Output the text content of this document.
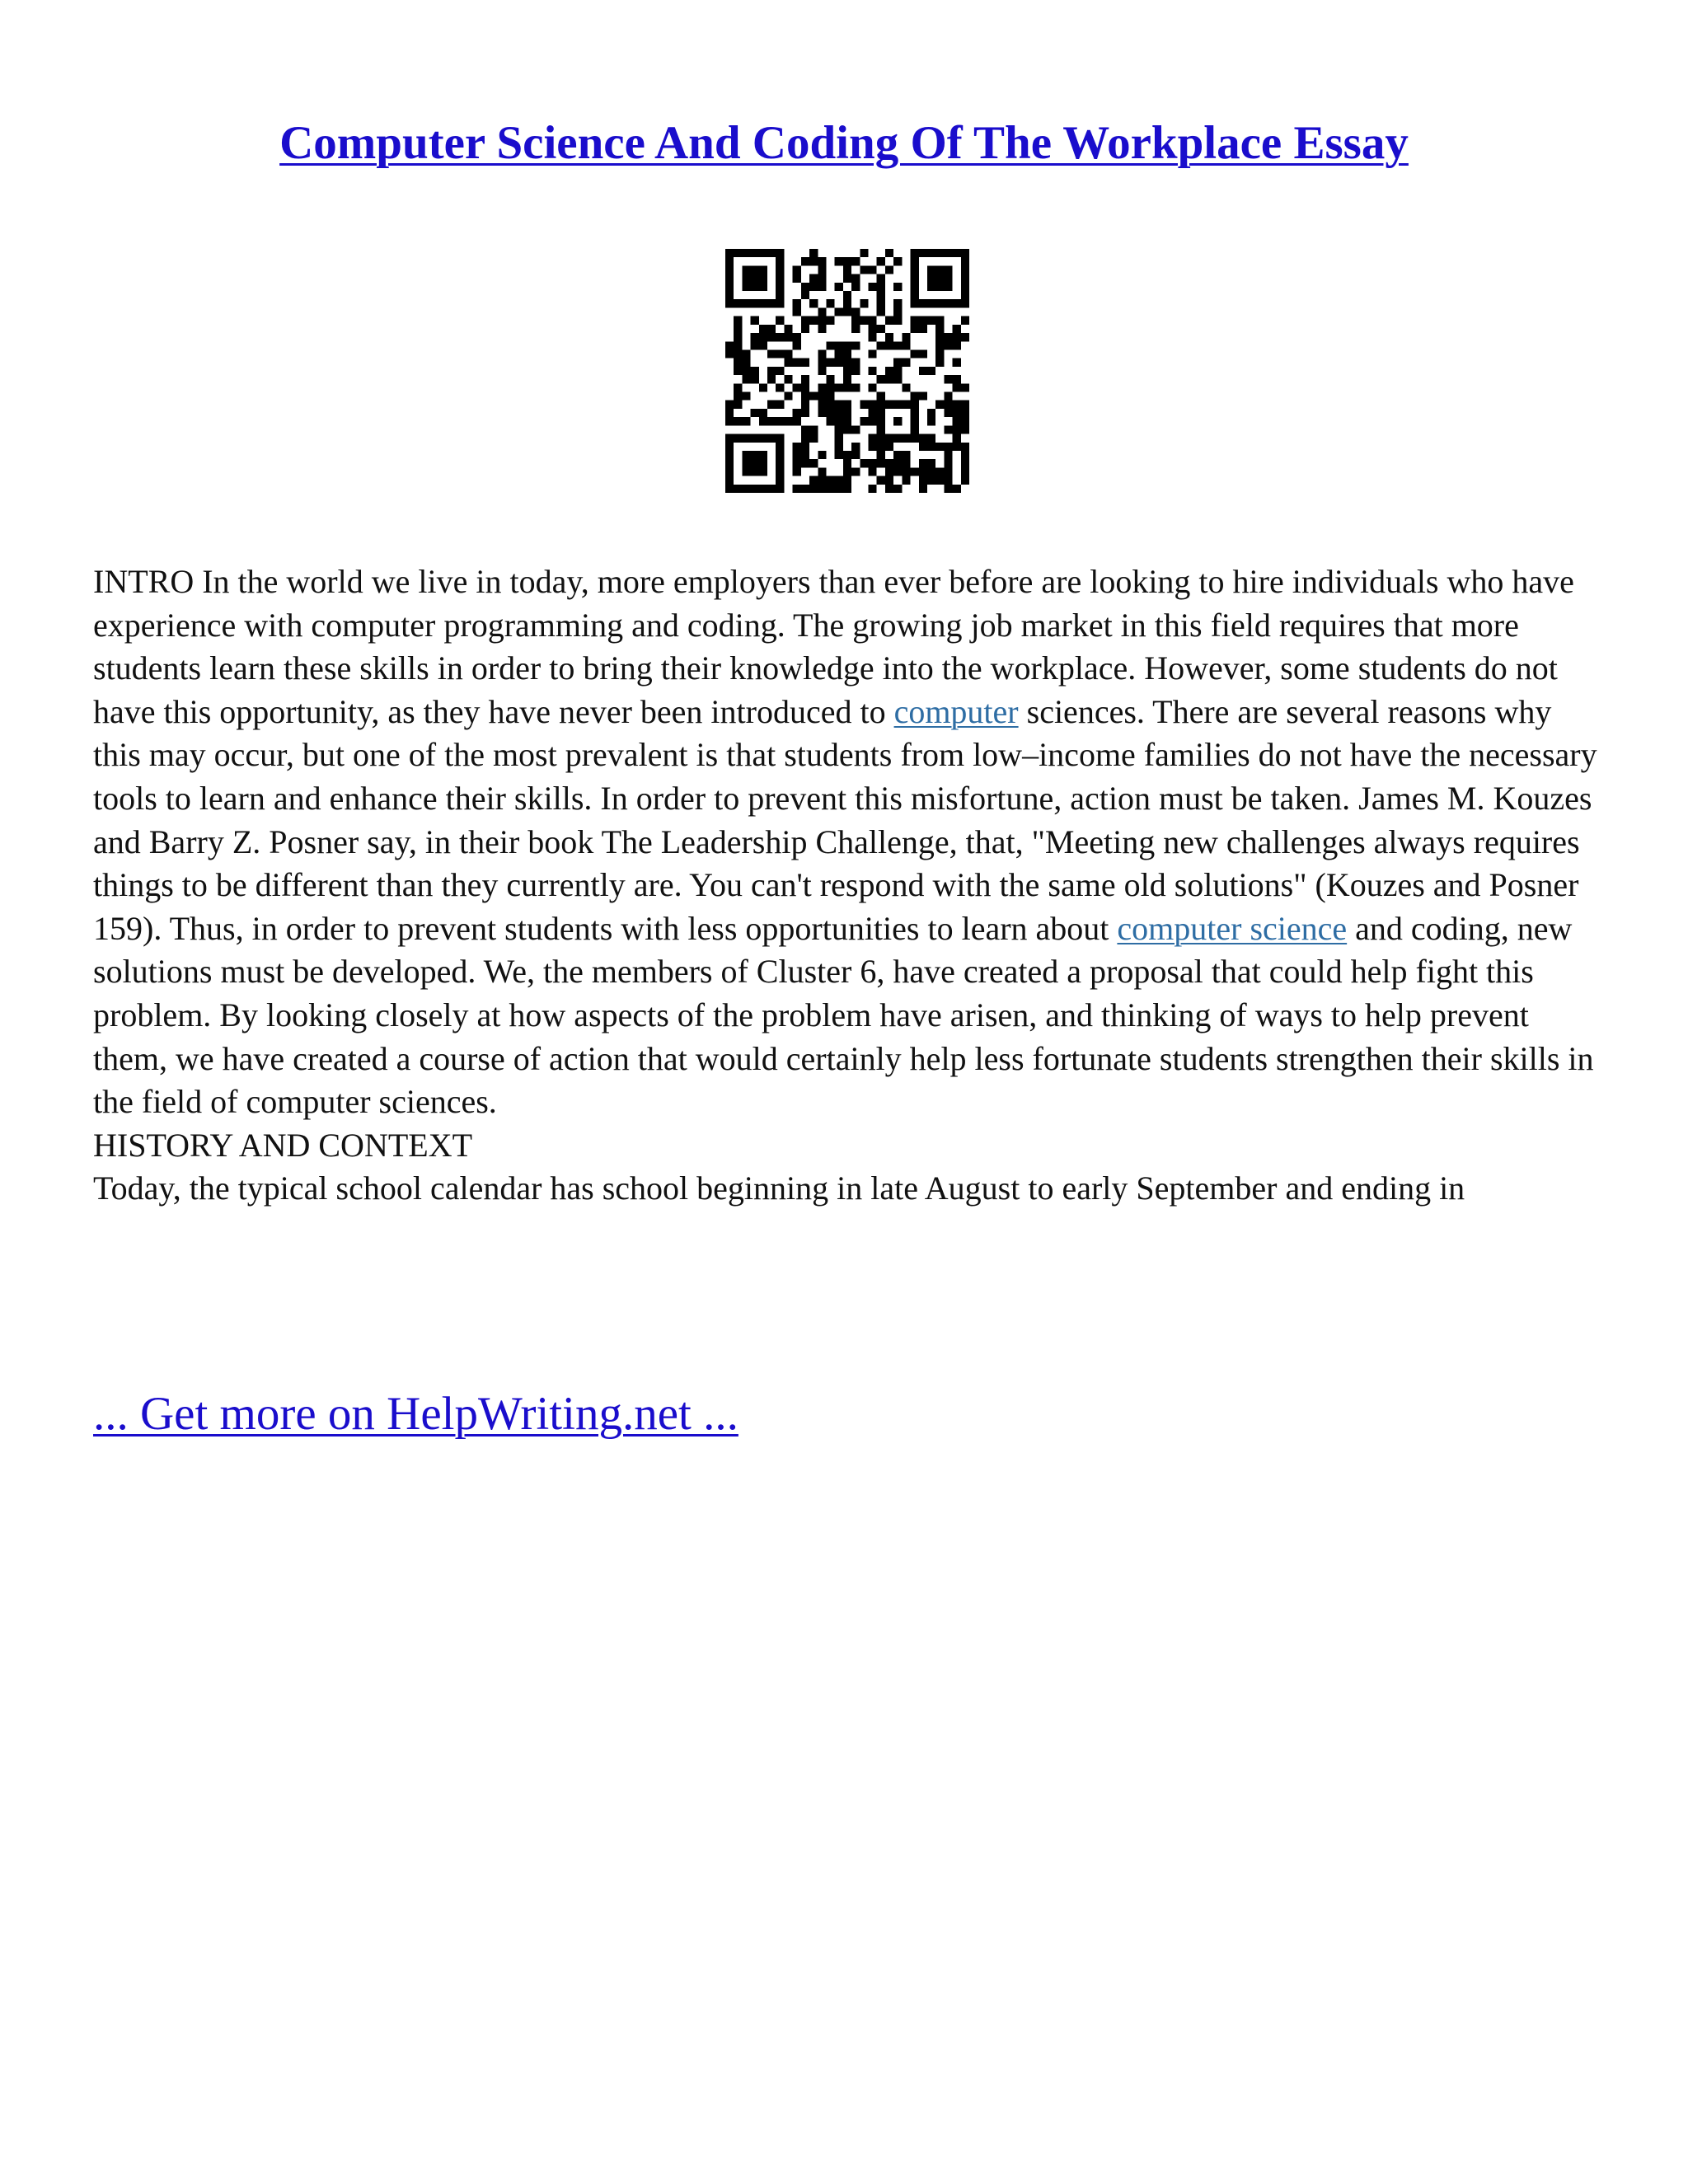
Computer Science And Coding Of The Workplace Essay

INTRO In the world we live in today, more employers than ever before are looking to hire individuals who have experience with computer programming and coding. The growing job market in this field requires that more students learn these skills in order to bring their knowledge into the workplace. However, some students do not have this opportunity, as they have never been introduced to computer sciences. There are several reasons why this may occur, but one of the most prevalent is that students from low–income families do not have the necessary tools to learn and enhance their skills. In order to prevent this misfortune, action must be taken. James M. Kouzes and Barry Z. Posner say, in their book The Leadership Challenge, that, "Meeting new challenges always requires things to be different than they currently are. You can't respond with the same old solutions" (Kouzes and Posner 159). Thus, in order to prevent students with less opportunities to learn about computer science and coding, new solutions must be developed. We, the members of Cluster 6, have created a proposal that could help fight this problem. By looking closely at how aspects of the problem have arisen, and thinking of ways to help prevent them, we have created a course of action that would certainly help less fortunate students strengthen their skills in the field of computer sciences.

HISTORY AND CONTEXT

Today, the typical school calendar has school beginning in late August to early September and ending in

... Get more on HelpWriting.net ...
